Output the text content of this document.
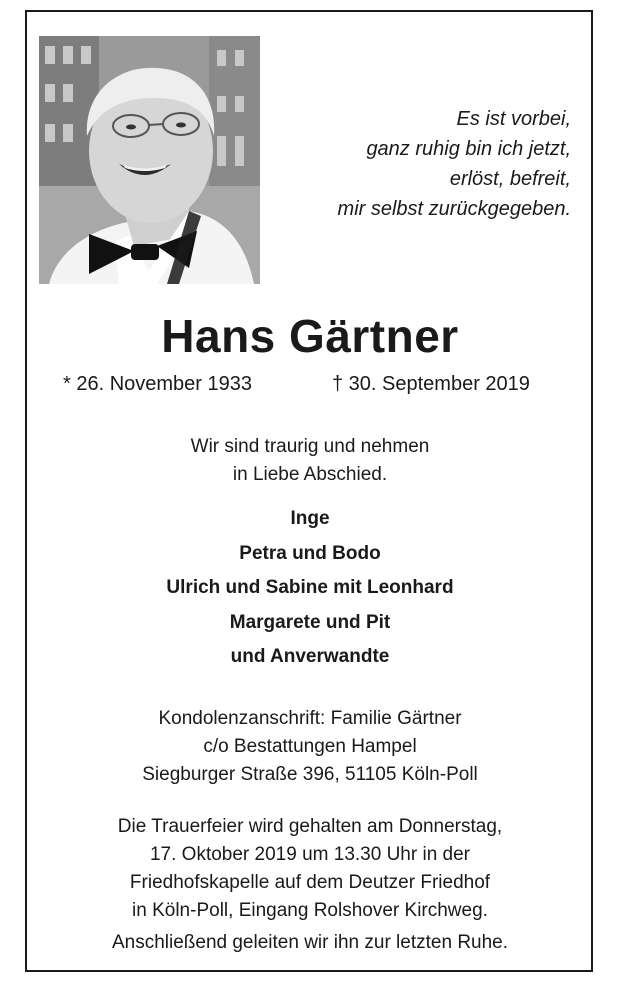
Es ist vorbei,
ganz ruhig bin ich jetzt,
erlöst, befreit,
mir selbst zurückgegeben.
Hans Gärtner
* 26. November 1933	† 30. September 2019
Wir sind traurig und nehmen
in Liebe Abschied.
Inge
Petra und Bodo
Ulrich und Sabine mit Leonhard
Margarete und Pit
und Anverwandte
Kondolenzanschrift: Familie Gärtner
c/o Bestattungen Hampel
Siegburger Straße 396, 51105 Köln-Poll
Die Trauerfeier wird gehalten am Donnerstag,
17. Oktober 2019 um 13.30 Uhr in der
Friedhofskapelle auf dem Deutzer Friedhof
in Köln-Poll, Eingang Rolshover Kirchweg.
Anschließend geleiten wir ihn zur letzten Ruhe.
